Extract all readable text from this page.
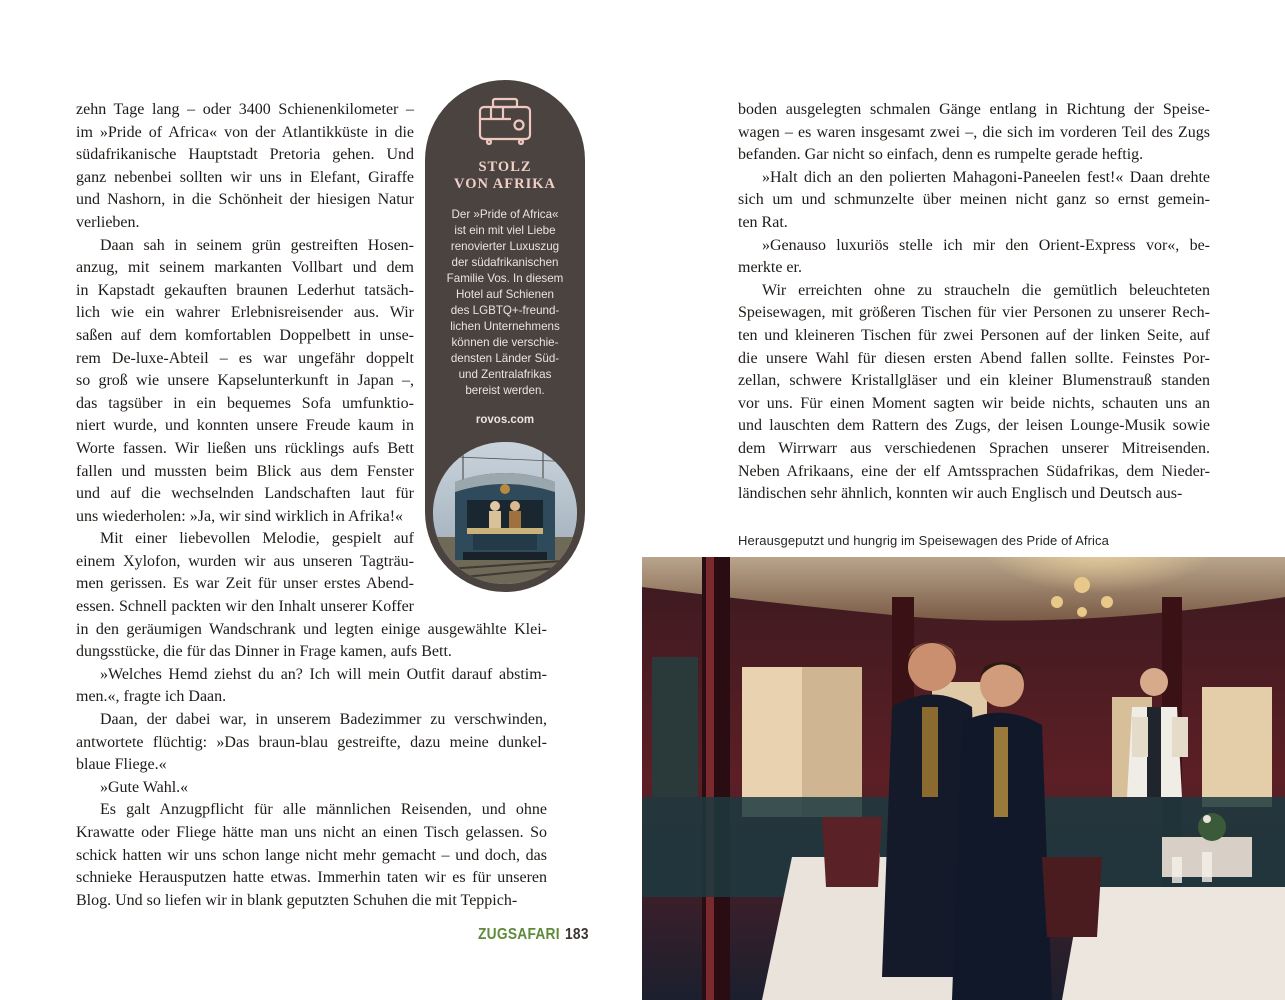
zehn Tage lang – oder 3400 Schienenkilometer –
im »Pride of Africa« von der Atlantikküste in die
südafrikanische Hauptstadt Pretoria gehen. Und
ganz nebenbei sollten wir uns in Elefant, Giraffe
und Nashorn, in die Schönheit der hiesigen Natur
verlieben.
Daan sah in seinem grün gestreiften Hosen-
anzug, mit seinem markanten Vollbart und dem
in Kapstadt gekauften braunen Lederhut tatsäch-
lich wie ein wahrer Erlebnisreisender aus. Wir
saßen auf dem komfortablen Doppelbett in unse-
rem De-luxe-Abteil – es war ungefähr doppelt
so groß wie unsere Kapselunterkunft in Japan –,
das tagsüber in ein bequemes Sofa umfunktio-
niert wurde, und konnten unsere Freude kaum in
Worte fassen. Wir ließen uns rücklings aufs Bett
fallen und mussten beim Blick aus dem Fenster
und auf die wechselnden Landschaften laut für
uns wiederholen: »Ja, wir sind wirklich in Afrika!«
Mit einer liebevollen Melodie, gespielt auf
einem Xylofon, wurden wir aus unseren Tagträu-
men gerissen. Es war Zeit für unser erstes Abend-
essen. Schnell packten wir den Inhalt unserer Koffer
in den geräumigen Wandschrank und legten einige ausgewählte Klei-
dungsstücke, die für das Dinner in Frage kamen, aufs Bett.
»Welches Hemd ziehst du an? Ich will mein Outfit darauf abstim-
men.«, fragte ich Daan.
Daan, der dabei war, in unserem Badezimmer zu verschwinden,
antwortete flüchtig: »Das braun-blau gestreifte, dazu meine dunkel-
blaue Fliege.«
»Gute Wahl.«
Es galt Anzugpflicht für alle männlichen Reisenden, und ohne
Krawatte oder Fliege hätte man uns nicht an einen Tisch gelassen. So
schick hatten wir uns schon lange nicht mehr gemacht – und doch, das
schnieke Herausputzen hatte etwas. Immerhin taten wir es für unseren
Blog. Und so liefen wir in blank geputzten Schuhen die mit Teppich-
STOLZ
VON AFRIKA
Der »Pride of Africa«
ist ein mit viel Liebe
renovierter Luxuszug
der südafrikanischen
Familie Vos. In diesem
Hotel auf Schienen
des LGBTQ+-freund-
lichen Unternehmens
können die verschie-
densten Länder Süd-
und Zentralafrikas
bereist werden.
rovos.com
ZUGSAFARI 183
boden ausgelegten schmalen Gänge entlang in Richtung der Speise-
wagen – es waren insgesamt zwei –, die sich im vorderen Teil des Zugs
befanden. Gar nicht so einfach, denn es rumpelte gerade heftig.
»Halt dich an den polierten Mahagoni-Paneelen fest!« Daan drehte
sich um und schmunzelte über meinen nicht ganz so ernst gemein-
ten Rat.
»Genauso luxuriös stelle ich mir den Orient-Express vor«, be-
merkte er.
Wir erreichten ohne zu straucheln die gemütlich beleuchteten
Speisewagen, mit größeren Tischen für vier Personen zu unserer Rech-
ten und kleineren Tischen für zwei Personen auf der linken Seite, auf
die unsere Wahl für diesen ersten Abend fallen sollte. Feinstes Por-
zellan, schwere Kristallgläser und ein kleiner Blumenstrauß standen
vor uns. Für einen Moment sagten wir beide nichts, schauten uns an
und lauschten dem Rattern des Zugs, der leisen Lounge-Musik sowie
dem Wirrwarr aus verschiedenen Sprachen unserer Mitreisenden.
Neben Afrikaans, eine der elf Amtssprachen Südafrikas, dem Nieder-
ländischen sehr ähnlich, konnten wir auch Englisch und Deutsch aus-
Herausgeputzt und hungrig im Speisewagen des Pride of Africa
